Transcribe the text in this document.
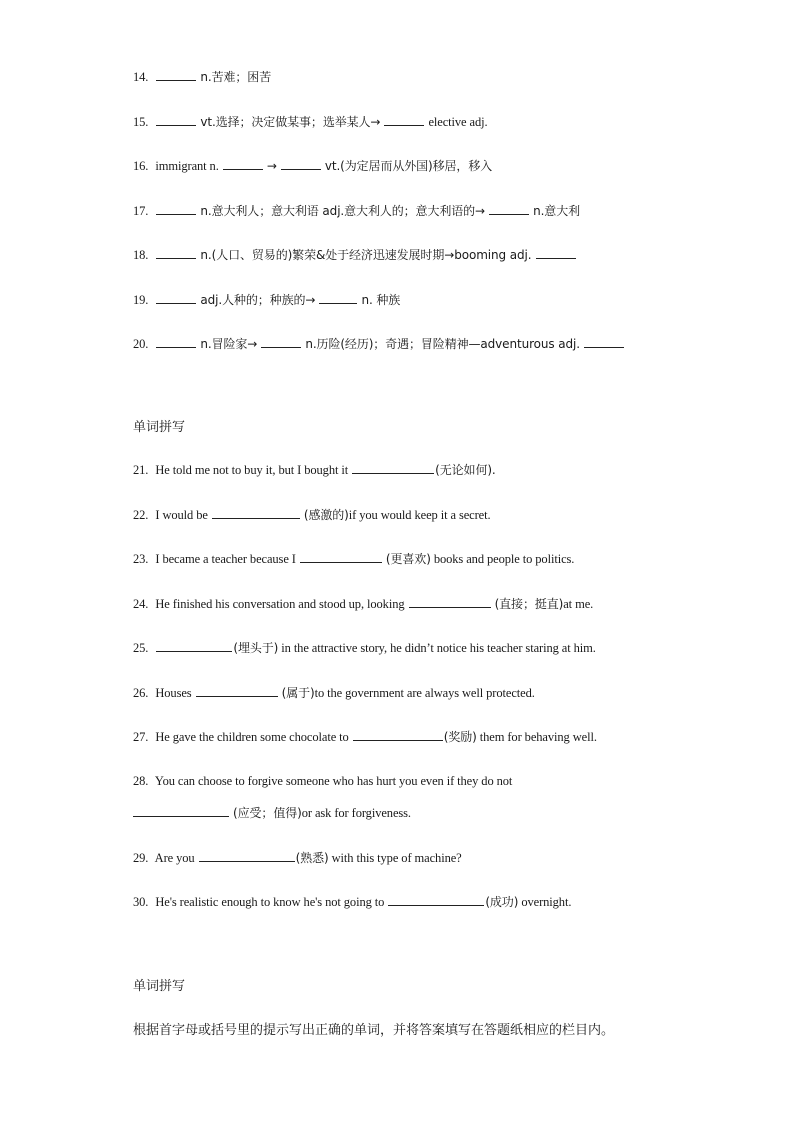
14.	n.苦难；困苦
15.	vt.选择；决定做某事；选举某人→	elective adj.
16. immigrant n.	→	vt.(为定居而从外国)移居，移入
17.	n.意大利人；意大利语 adj.意大利人的；意大利语的→	n.意大利
18.	n.(人口、贸易的)繁荣&处于经济迅速发展时期→booming adj.
19.	adj.人种的；种族的→	n. 种族
20.	n.冒险家→	n.历险(经历)；奇遇；冒险精神—adventurous adj.
单词拼写
21. He told me not to buy it, but I bought it	(无论如何).
22. I would be	(感激的)if you would keep it a secret.
23. I became a teacher because I	(更喜欢) books and people to politics.
24. He finished his conversation and stood up, looking	(直接；挺直)at me.
25.	(埋头于) in the attractive story, he didn’t notice his teacher staring at him.
26. Houses	(属于)to the government are always well protected.
27. He gave the children some chocolate to	(奖励) them for behaving well.
28. You can choose to forgive someone who has hurt you even if they do not
(应受；值得)or ask for forgiveness.
29. Are you	(熟悉) with this type of machine?
30. He's realistic enough to know he's not going to	(成功) overnight.
单词拼写
根据首字母或括号里的提示写出正确的单词，并将答案填写在答题纸相应的栏目内。
